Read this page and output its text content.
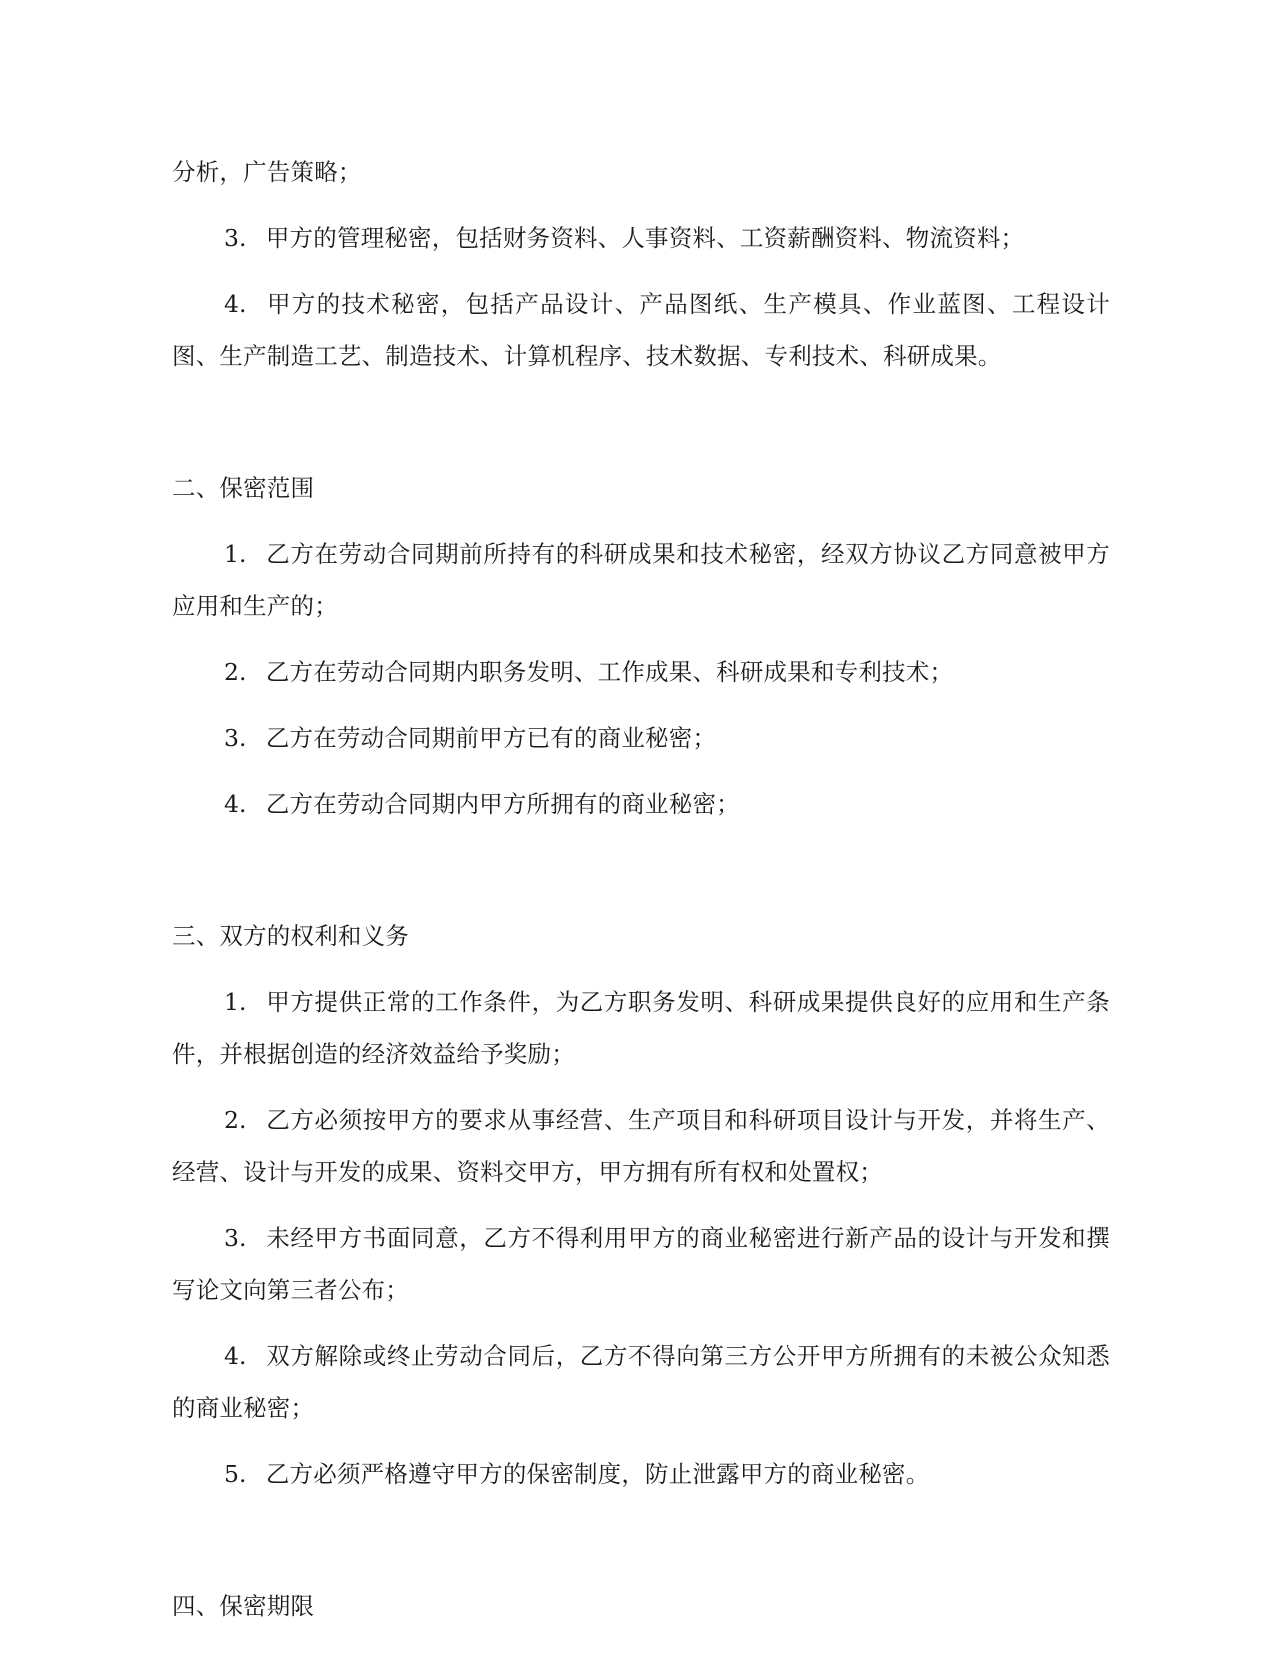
分析，广告策略；

3.  甲方的管理秘密，包括财务资料、人事资料、工资薪酬资料、物流资料；

4.  甲方的技术秘密，包括产品设计、产品图纸、生产模具、作业蓝图、工程设计图、生产制造工艺、制造技术、计算机程序、技术数据、专利技术、科研成果。

二、保密范围

1.  乙方在劳动合同期前所持有的科研成果和技术秘密，经双方协议乙方同意被甲方应用和生产的；

2.  乙方在劳动合同期内职务发明、工作成果、科研成果和专利技术；

3.  乙方在劳动合同期前甲方已有的商业秘密；

4.  乙方在劳动合同期内甲方所拥有的商业秘密；

三、双方的权利和义务

1.  甲方提供正常的工作条件，为乙方职务发明、科研成果提供良好的应用和生产条件，并根据创造的经济效益给予奖励；

2.  乙方必须按甲方的要求从事经营、生产项目和科研项目设计与开发，并将生产、经营、设计与开发的成果、资料交甲方，甲方拥有所有权和处置权；

3.  未经甲方书面同意，乙方不得利用甲方的商业秘密进行新产品的设计与开发和撰写论文向第三者公布；

4.  双方解除或终止劳动合同后，乙方不得向第三方公开甲方所拥有的未被公众知悉的商业秘密；

5.  乙方必须严格遵守甲方的保密制度，防止泄露甲方的商业秘密。

四、保密期限
